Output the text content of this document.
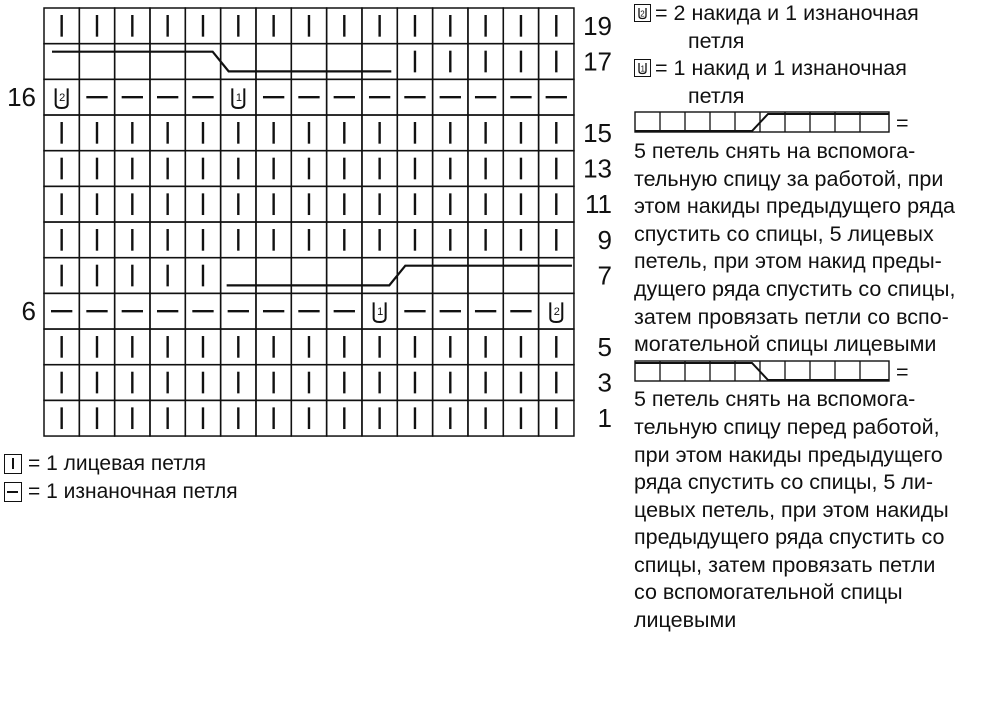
1	2
2	1
6
16
1
3
5
7
9
11
13
15
17
19
= 1 лицевая петля
= 1 изнаночная петля
2 = 2 накида и 1 изнаночная
петля
1 = 1 накид и 1 изнаночная
петля
=
5 петель снять на вспомога-
тельную спицу за работой, при
этом накиды предыдущего ряда
спустить со спицы, 5 лицевых
петель, при этом накид преды-
дущего ряда спустить со спицы,
затем провязать петли со вспо-
могательной спицы лицевыми
=
5 петель снять на вспомога-
тельную спицу перед работой,
при этом накиды предыдущего
ряда спустить со спицы, 5 ли-
цевых петель, при этом накиды
предыдущего ряда спустить со
спицы, затем провязать петли
со вспомогательной спицы
лицевыми
